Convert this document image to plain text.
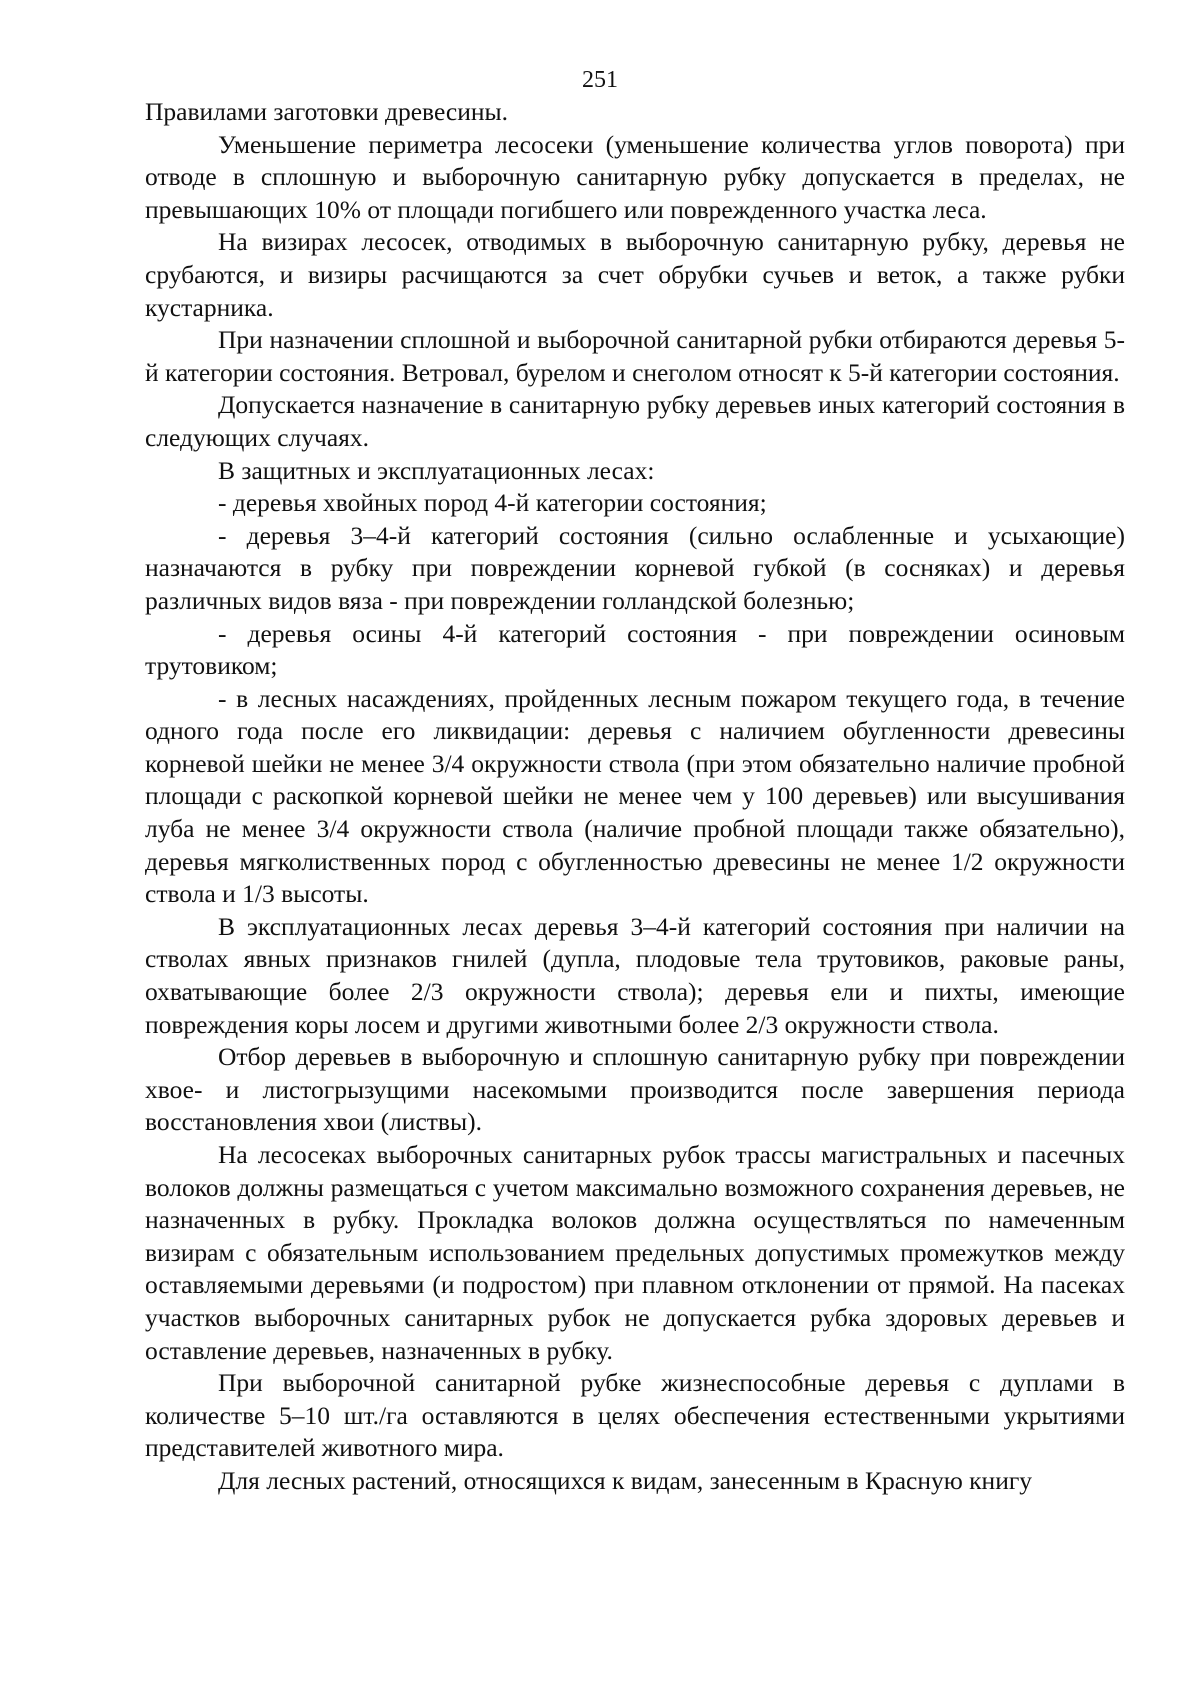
251

Правилами заготовки древесины.

Уменьшение периметра лесосеки (уменьшение количества углов поворота) при отводе в сплошную и выборочную санитарную рубку допускается в пределах, не превышающих 10% от площади погибшего или поврежденного участка леса.

На визирах лесосек, отводимых в выборочную санитарную рубку, деревья не срубаются, и визиры расчищаются за счет обрубки сучьев и веток, а также рубки кустарника.

При назначении сплошной и выборочной санитарной рубки отбираются деревья 5-й категории состояния. Ветровал, бурелом и снеголом относят к 5-й категории состояния.

Допускается назначение в санитарную рубку деревьев иных категорий состояния в следующих случаях.

В защитных и эксплуатационных лесах:

- деревья хвойных пород 4-й категории состояния;

- деревья 3–4-й категорий состояния (сильно ослабленные и усыхающие) назначаются в рубку при повреждении корневой губкой (в сосняках) и деревья различных видов вяза - при повреждении голландской болезнью;

- деревья осины 4-й категорий состояния - при повреждении осиновым трутовиком;

- в лесных насаждениях, пройденных лесным пожаром текущего года, в течение одного года после его ликвидации: деревья с наличием обугленности древесины корневой шейки не менее 3/4 окружности ствола (при этом обязательно наличие пробной площади с раскопкой корневой шейки не менее чем у 100 деревьев) или высушивания луба не менее 3/4 окружности ствола (наличие пробной площади также обязательно), деревья мягколиственных пород с обугленностью древесины не менее 1/2 окружности ствола и 1/3 высоты.

В эксплуатационных лесах деревья 3–4-й категорий состояния при наличии на стволах явных признаков гнилей (дупла, плодовые тела трутовиков, раковые раны, охватывающие более 2/3 окружности ствола); деревья ели и пихты, имеющие повреждения коры лосем и другими животными более 2/3 окружности ствола.

Отбор деревьев в выборочную и сплошную санитарную рубку при повреждении хвое- и листогрызущими насекомыми производится после завершения периода восстановления хвои (листвы).

На лесосеках выборочных санитарных рубок трассы магистральных и пасечных волоков должны размещаться с учетом максимально возможного сохранения деревьев, не назначенных в рубку. Прокладка волоков должна осуществляться по намеченным визирам с обязательным использованием предельных допустимых промежутков между оставляемыми деревьями (и подростом) при плавном отклонении от прямой. На пасеках участков выборочных санитарных рубок не допускается рубка здоровых деревьев и оставление деревьев, назначенных в рубку.

При выборочной санитарной рубке жизнеспособные деревья с дуплами в количестве 5–10 шт./га оставляются в целях обеспечения естественными укрытиями представителей животного мира.

Для лесных растений, относящихся к видам, занесенным в Красную книгу
